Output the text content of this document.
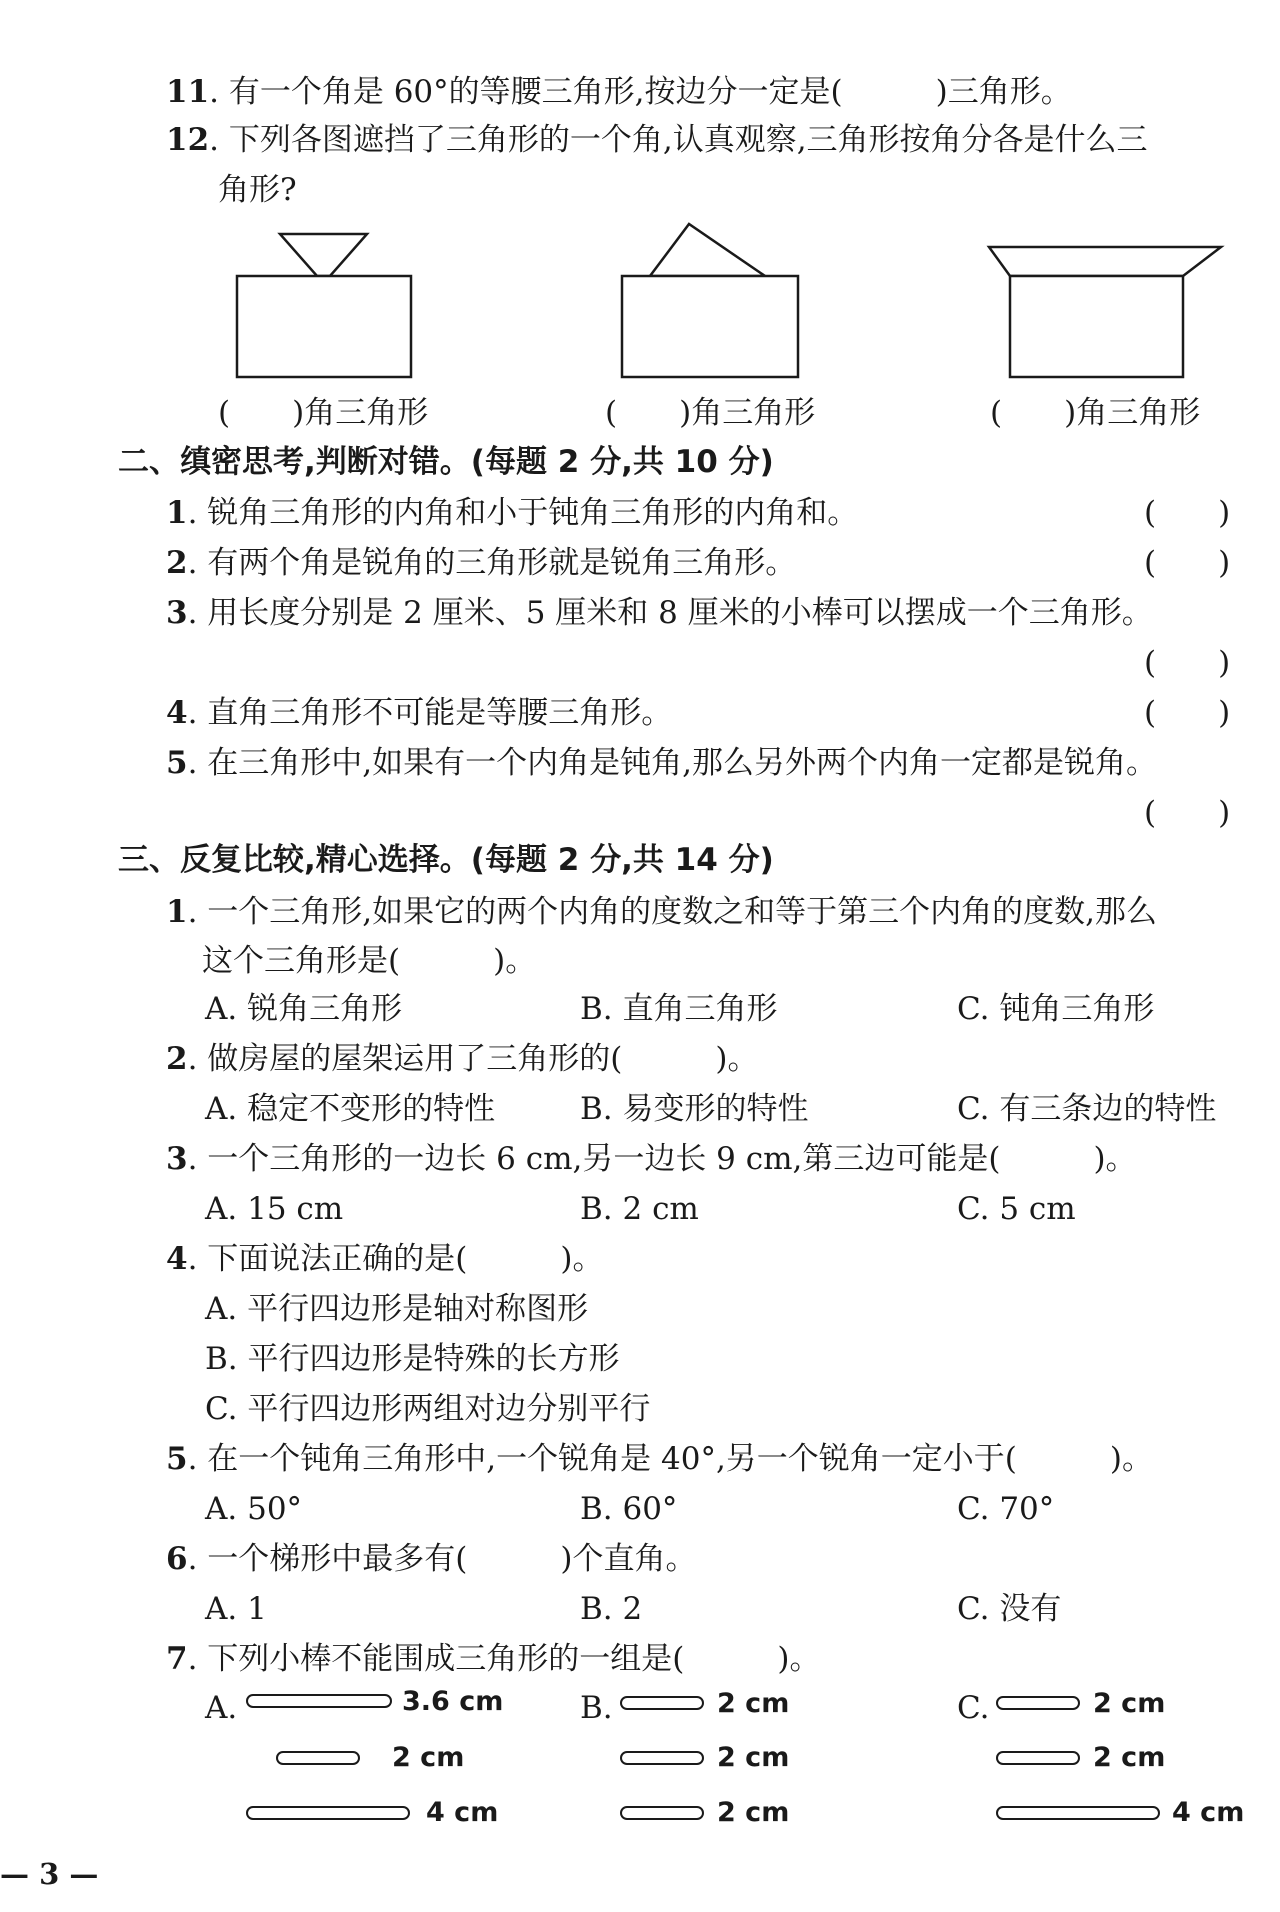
11. 有一个角是 60°的等腰三角形,按边分一定是(　　　)三角形。
12. 下列各图遮挡了三角形的一个角,认真观察,三角形按角分各是什么三
角形?
(　　)角三角形	(　　)角三角形	(　　)角三角形
二、缜密思考,判断对错。(每题 2 分,共 10 分)
1. 锐角三角形的内角和小于钝角三角形的内角和。	(　　)
2. 有两个角是锐角的三角形就是锐角三角形。	(　　)
3. 用长度分别是 2 厘米、5 厘米和 8 厘米的小棒可以摆成一个三角形。
(　　)
4. 直角三角形不可能是等腰三角形。	(　　)
5. 在三角形中,如果有一个内角是钝角,那么另外两个内角一定都是锐角。
(　　)
三、反复比较,精心选择。(每题 2 分,共 14 分)
1. 一个三角形,如果它的两个内角的度数之和等于第三个内角的度数,那么
这个三角形是(　　　)。
A. 锐角三角形	B. 直角三角形	C. 钝角三角形
2. 做房屋的屋架运用了三角形的(　　　)。
A. 稳定不变形的特性	B. 易变形的特性	C. 有三条边的特性
3. 一个三角形的一边长 6 cm,另一边长 9 cm,第三边可能是(　　　)。
A. 15 cm	B. 2 cm	C. 5 cm
4. 下面说法正确的是(　　　)。
A. 平行四边形是轴对称图形
B. 平行四边形是特殊的长方形
C. 平行四边形两组对边分别平行
5. 在一个钝角三角形中,一个锐角是 40°,另一个锐角一定小于(　　　)。
A. 50°	B. 60°	C. 70°
6. 一个梯形中最多有(　　　)个直角。
A. 1	B. 2	C. 没有
7. 下列小棒不能围成三角形的一组是(　　　)。
A.	3.6 cm
2 cm
4 cm
B.	2 cm
2 cm
2 cm
C.	2 cm
2 cm
4 cm
— 3 —
